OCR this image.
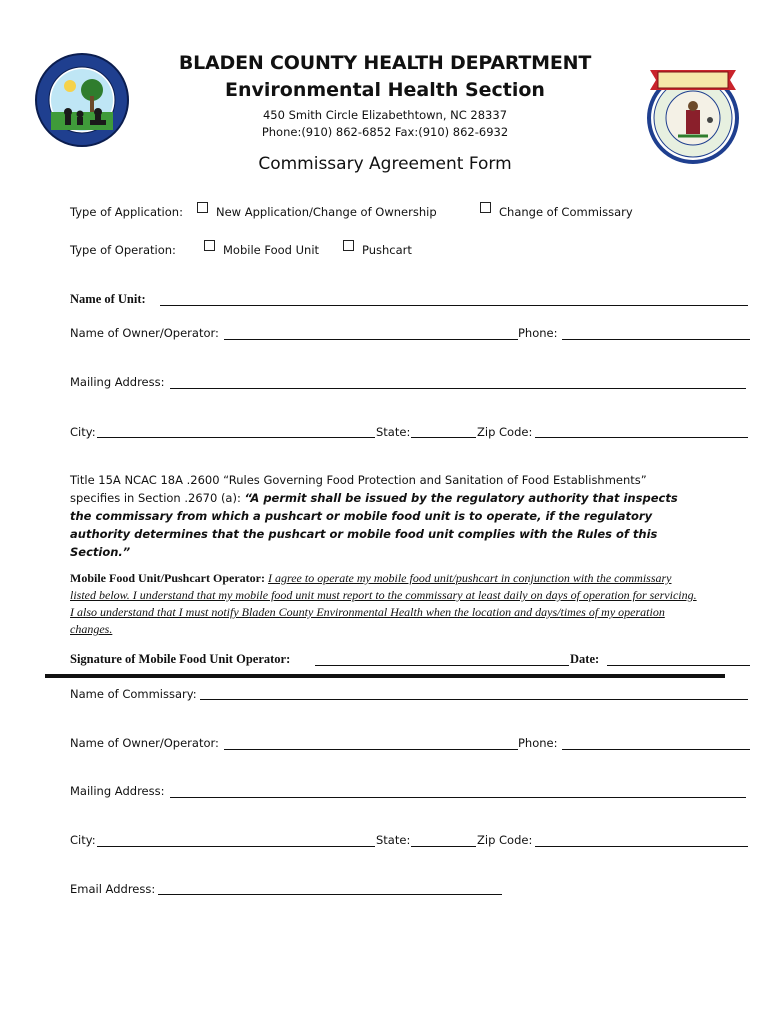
BLADEN COUNTY HEALTH DEPARTMENT
Environmental Health Section
450 Smith Circle Elizabethtown, NC 28337
Phone:(910) 862-6852 Fax:(910) 862-6932
Commissary Agreement Form
Type of Application:	New Application/Change of Ownership	Change of Commissary
Type of Operation:	Mobile Food Unit	Pushcart
Name of Unit:
Name of Owner/Operator:	Phone:
Mailing Address:
City:	State:	Zip Code:
Title 15A NCAC 18A .2600 “Rules Governing Food Protection and Sanitation of Food Establishments” specifies in Section .2670 (a): “A permit shall be issued by the regulatory authority that inspects the commissary from which a pushcart or mobile food unit is to operate, if the regulatory authority determines that the pushcart or mobile food unit complies with the Rules of this Section.”
Mobile Food Unit/Pushcart Operator: I agree to operate my mobile food unit/pushcart in conjunction with the commissary listed below. I understand that my mobile food unit must report to the commissary at least daily on days of operation for servicing. I also understand that I must notify Bladen County Environmental Health when the location and days/times of my operation changes.
Signature of Mobile Food Unit Operator:	Date:
Name of Commissary:
Name of Owner/Operator:	Phone:
Mailing Address:
City:	State:	Zip Code:
Email Address:
